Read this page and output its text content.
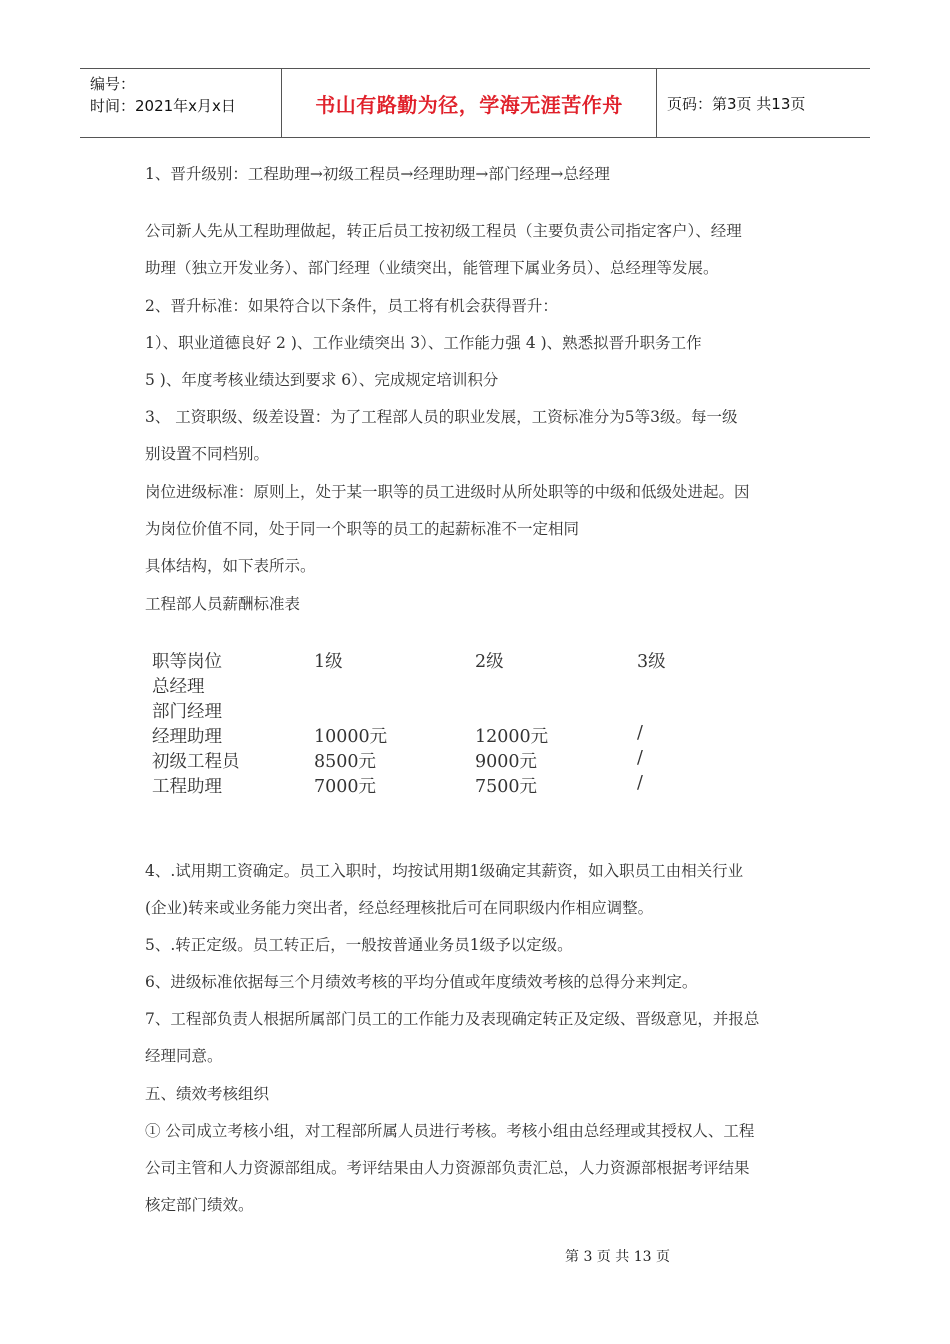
编号：
时间：2021年x月x日	书山有路勤为径，学海无涯苦作舟	页码：第3页 共13页
1、晋升级别：工程助理→初级工程员→经理助理→部门经理→总经理
公司新人先从工程助理做起，转正后员工按初级工程员（主要负责公司指定客户）、经理
助理（独立开发业务）、部门经理（业绩突出，能管理下属业务员）、总经理等发展。
2、晋升标准：如果符合以下条件，员工将有机会获得晋升：
1）、职业道德良好 2 )、工作业绩突出 3）、工作能力强 4 )、熟悉拟晋升职务工作
5 )、年度考核业绩达到要求 6）、完成规定培训积分
3、 工资职级、级差设置：为了工程部人员的职业发展，工资标准分为5等3级。每一级
别设置不同档别。
岗位进级标准：原则上，处于某一职等的员工进级时从所处职等的中级和低级处进起。因
为岗位价值不同，处于同一个职等的员工的起薪标准不一定相同
具体结构，如下表所示。
工程部人员薪酬标准表
职等岗位	1级	2级	3级
总经理
部门经理
经理助理	10000元	12000元	/
初级工程员	8500元	9000元	/
工程助理	7000元	7500元	/
4、.试用期工资确定。员工入职时，均按试用期1级确定其薪资，如入职员工由相关行业
(企业)转来或业务能力突出者，经总经理核批后可在同职级内作相应调整。
5、.转正定级。员工转正后，一般按普通业务员1级予以定级。
6、进级标准依据每三个月绩效考核的平均分值或年度绩效考核的总得分来判定。
7、工程部负责人根据所属部门员工的工作能力及表现确定转正及定级、晋级意见，并报总
经理同意。
五、绩效考核组织
① 公司成立考核小组，对工程部所属人员进行考核。考核小组由总经理或其授权人、工程
公司主管和人力资源部组成。考评结果由人力资源部负责汇总，人力资源部根据考评结果
核定部门绩效。
第 3 页 共 13 页
